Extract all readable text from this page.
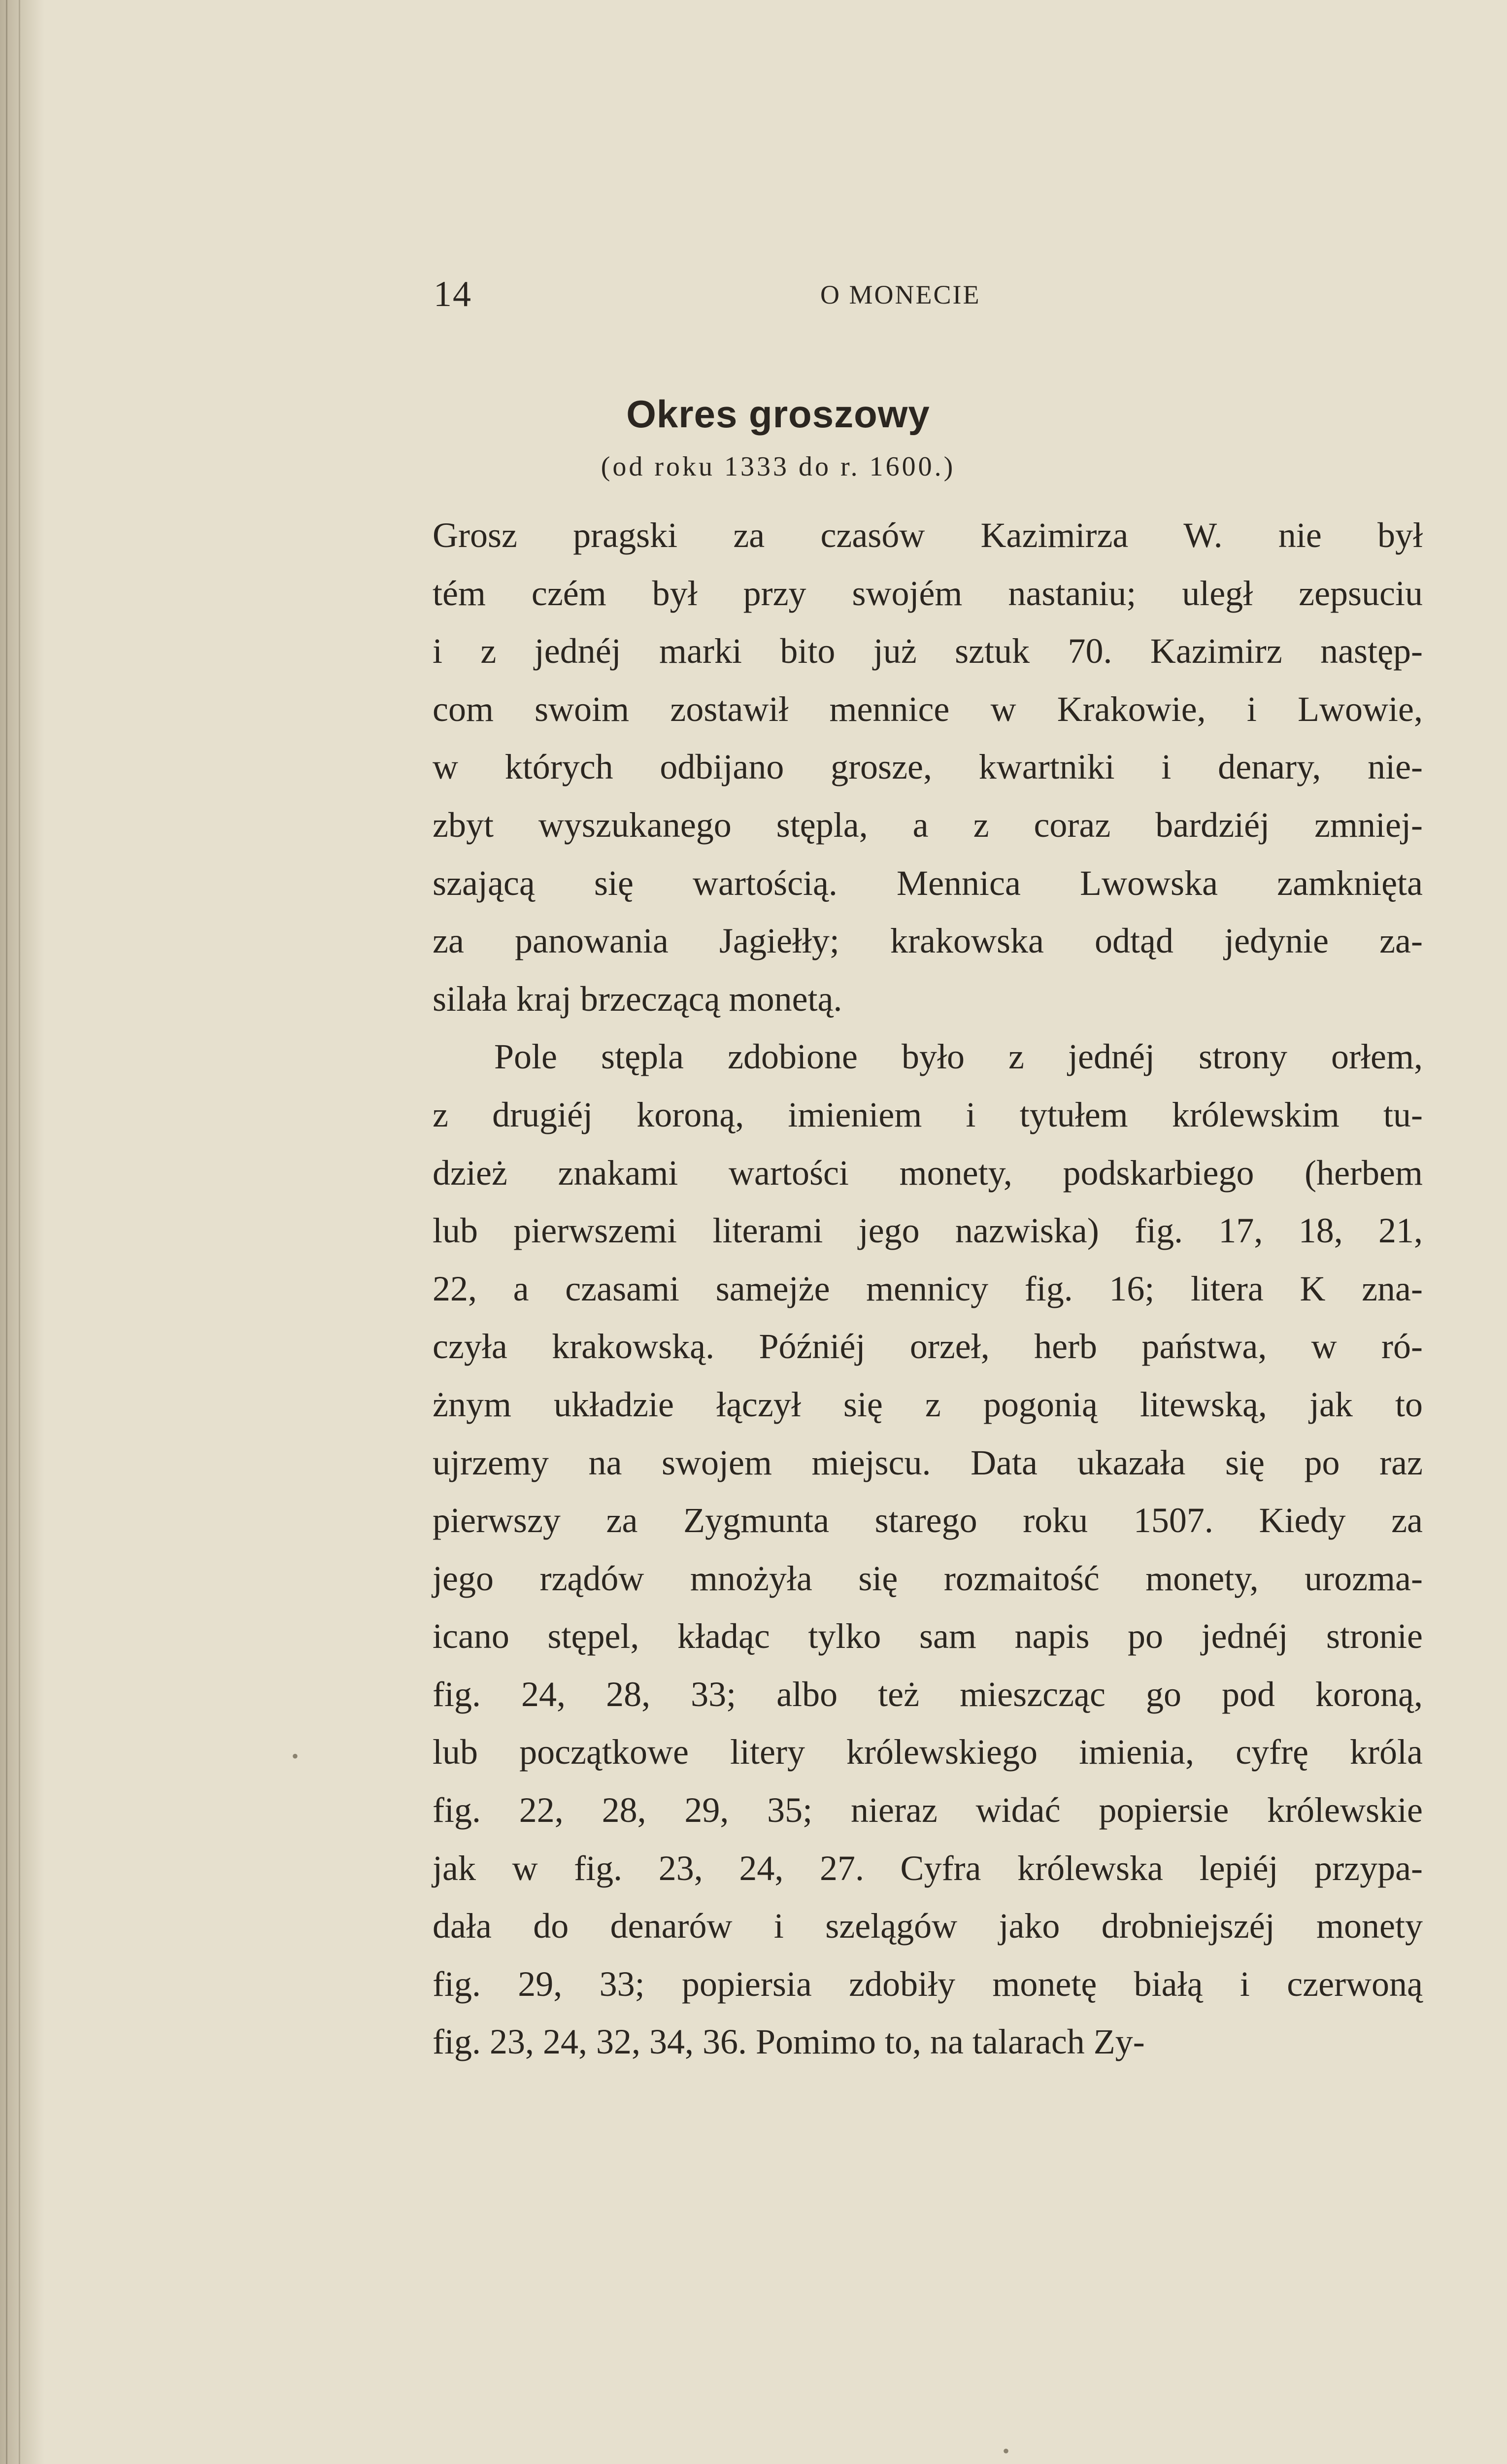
14	O MONECIE
Okres groszowy
(od roku 1333 do r. 1600.)
Grosz pragski za czasów Kazimirza W. nie był
tém czém był przy swojém nastaniu; uległ zepsuciu
i z jednéj marki bito już sztuk 70. Kazimirz następ-
com swoim zostawił mennice w Krakowie, i Lwowie,
w których odbijano grosze, kwartniki i denary, nie-
zbyt wyszukanego stępla, a z coraz bardziéj zmniej-
szającą się wartością. Mennica Lwowska zamknięta
za panowania Jagiełły; krakowska odtąd jedynie za-
silała kraj brzeczącą monetą.
Pole stępla zdobione było z jednéj strony orłem,
z drugiéj koroną, imieniem i tytułem królewskim tu-
dzież znakami wartości monety, podskarbiego (herbem
lub pierwszemi literami jego nazwiska) fig. 17, 18, 21,
22, a czasami samejże mennicy fig. 16; litera K zna-
czyła krakowską. Późniéj orzeł, herb państwa, w ró-
żnym układzie łączył się z pogonią litewską, jak to
ujrzemy na swojem miejscu. Data ukazała się po raz
pierwszy za Zygmunta starego roku 1507. Kiedy za
jego rządów mnożyła się rozmaitość monety, urozma-
icano stępel, kładąc tylko sam napis po jednéj stronie
fig. 24, 28, 33; albo też mieszcząc go pod koroną,
lub początkowe litery królewskiego imienia, cyfrę króla
fig. 22, 28, 29, 35; nieraz widać popiersie królewskie
jak w fig. 23, 24, 27. Cyfra królewska lepiéj przypa-
dała do denarów i szelągów jako drobniejszéj monety
fig. 29, 33; popiersia zdobiły monetę białą i czerwoną
fig. 23, 24, 32, 34, 36. Pomimo to, na talarach Zy-
•
•
